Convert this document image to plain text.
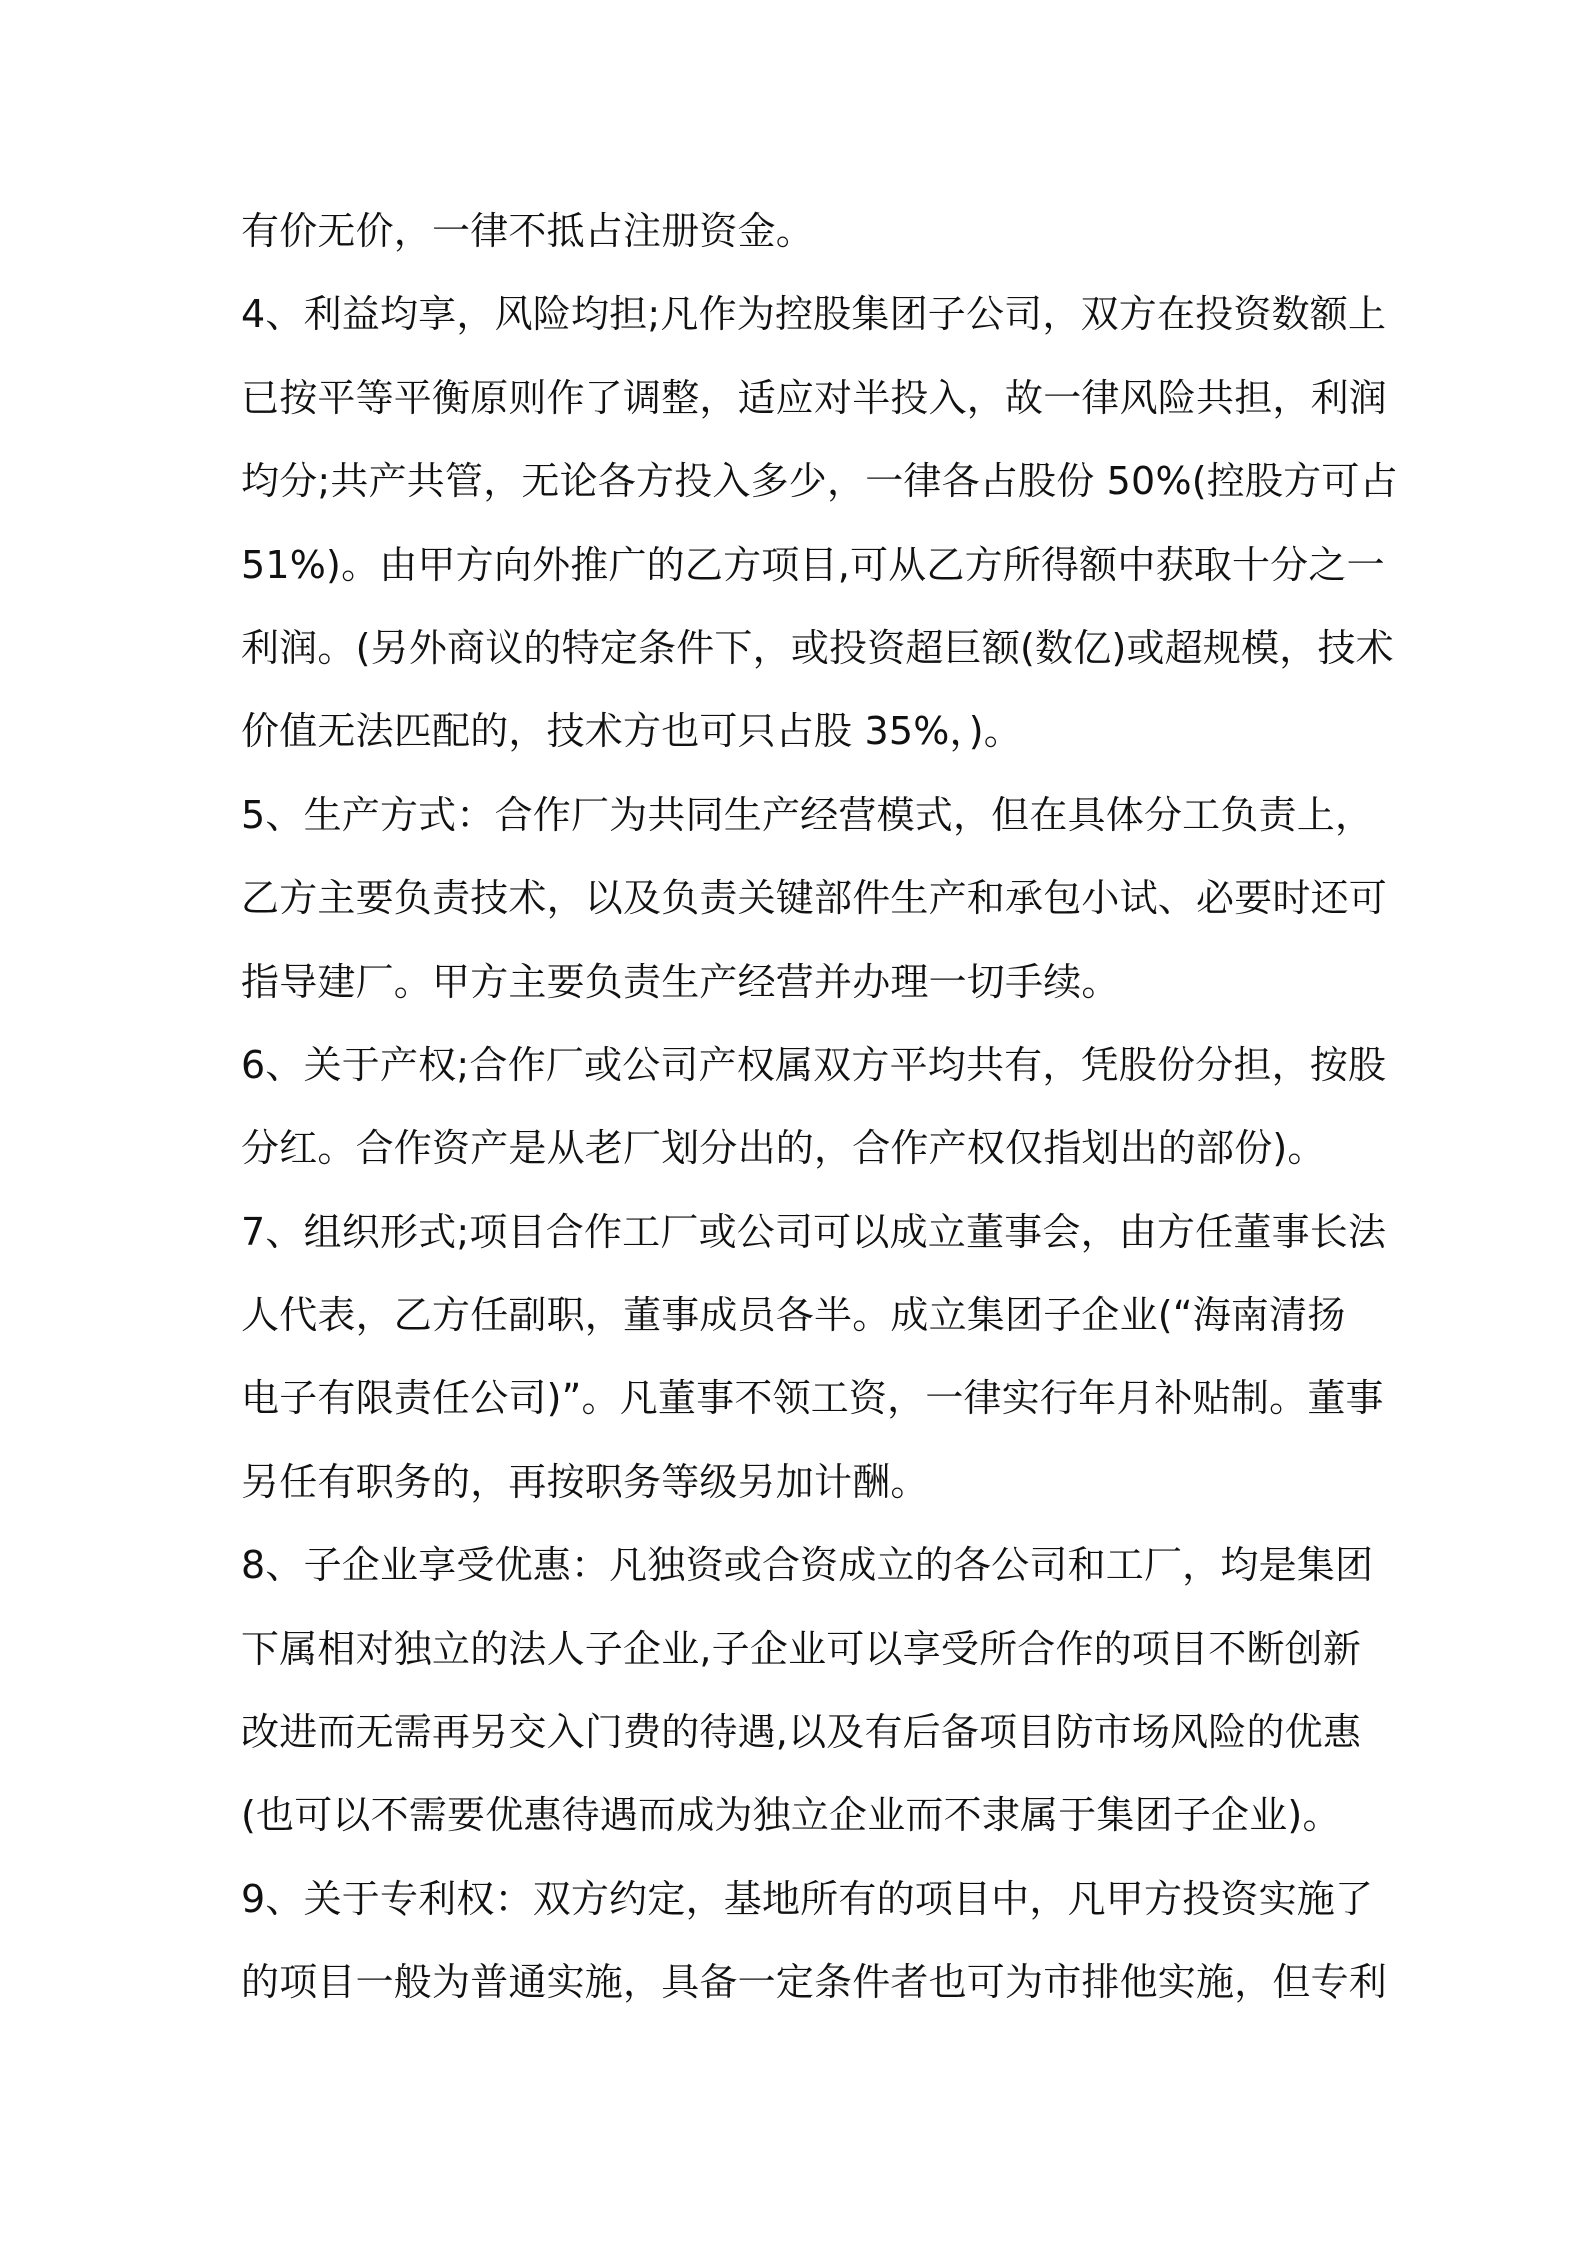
有价无价，一律不抵占注册资金。
4、利益均享，风险均担;凡作为控股集团子公司，双方在投资数额上
已按平等平衡原则作了调整，适应对半投入，故一律风险共担，利润
均分;共产共管，无论各方投入多少，一律各占股份 50%(控股方可占
51%)。由甲方向外推广的乙方项目,可从乙方所得额中获取十分之一
利润。(另外商议的特定条件下，或投资超巨额(数亿)或超规模，技术
价值无法匹配的，技术方也可只占股 35%，)。
5、生产方式：合作厂为共同生产经营模式，但在具体分工负责上，
乙方主要负责技术，以及负责关键部件生产和承包小试、必要时还可
指导建厂。甲方主要负责生产经营并办理一切手续。
6、关于产权;合作厂或公司产权属双方平均共有，凭股份分担，按股
分红。合作资产是从老厂划分出的，合作产权仅指划出的部份)。
7、组织形式;项目合作工厂或公司可以成立董事会，由方任董事长法
人代表，乙方任副职，董事成员各半。成立集团子企业(“海南清扬
电子有限责任公司)”。凡董事不领工资，一律实行年月补贴制。董事
另任有职务的，再按职务等级另加计酬。
8、子企业享受优惠：凡独资或合资成立的各公司和工厂，均是集团
下属相对独立的法人子企业,子企业可以享受所合作的项目不断创新
改进而无需再另交入门费的待遇,以及有后备项目防市场风险的优惠
(也可以不需要优惠待遇而成为独立企业而不隶属于集团子企业)。
9、关于专利权：双方约定，基地所有的项目中，凡甲方投资实施了
的项目一般为普通实施，具备一定条件者也可为市排他实施，但专利
